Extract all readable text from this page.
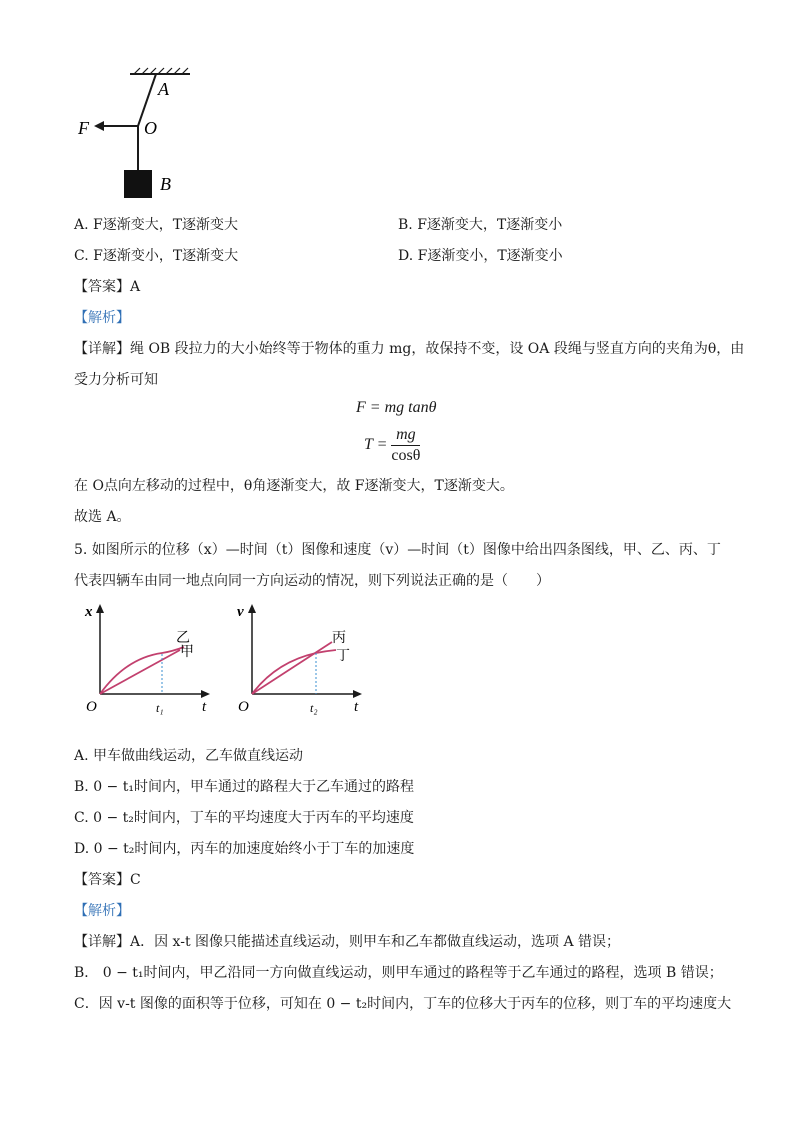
A
O
F
B
A. F逐渐变大，T逐渐变大	B. F逐渐变大，T逐渐变小
C. F逐渐变小，T逐渐变大	D. F逐渐变小，T逐渐变小
【答案】A
【解析】
【详解】绳 OB 段拉力的大小始终等于物体的重力 mg，故保持不变，设 OA 段绳与竖直方向的夹角为θ，由
受力分析可知
F = mg tanθ
$T = \frac{mg}{\cos\theta}$
在 O点向左移动的过程中，θ角逐渐变大，故 F逐渐变大，T逐渐变大。
故选 A。
5. 如图所示的位移（x）—时间（t）图像和速度（v）—时间（t）图像中给出四条图线，甲、乙、丙、丁
代表四辆车由同一地点向同一方向运动的情况，则下列说法正确的是（　　）
x
t
O	t₁
乙
甲
v
t
O	t₂
丙
丁
A. 甲车做曲线运动，乙车做直线运动
B. 0 − t₁时间内，甲车通过的路程大于乙车通过的路程
C. 0 − t₂时间内，丁车的平均速度大于丙车的平均速度
D. 0 − t₂时间内，丙车的加速度始终小于丁车的加速度
【答案】C
【解析】
【详解】A．因 x-t 图像只能描述直线运动，则甲车和乙车都做直线运动，选项 A 错误；
B． 0 − t₁时间内，甲乙沿同一方向做直线运动，则甲车通过的路程等于乙车通过的路程，选项 B 错误；
C．因 v-t 图像的面积等于位移，可知在 0 − t₂时间内，丁车的位移大于丙车的位移，则丁车的平均速度大
